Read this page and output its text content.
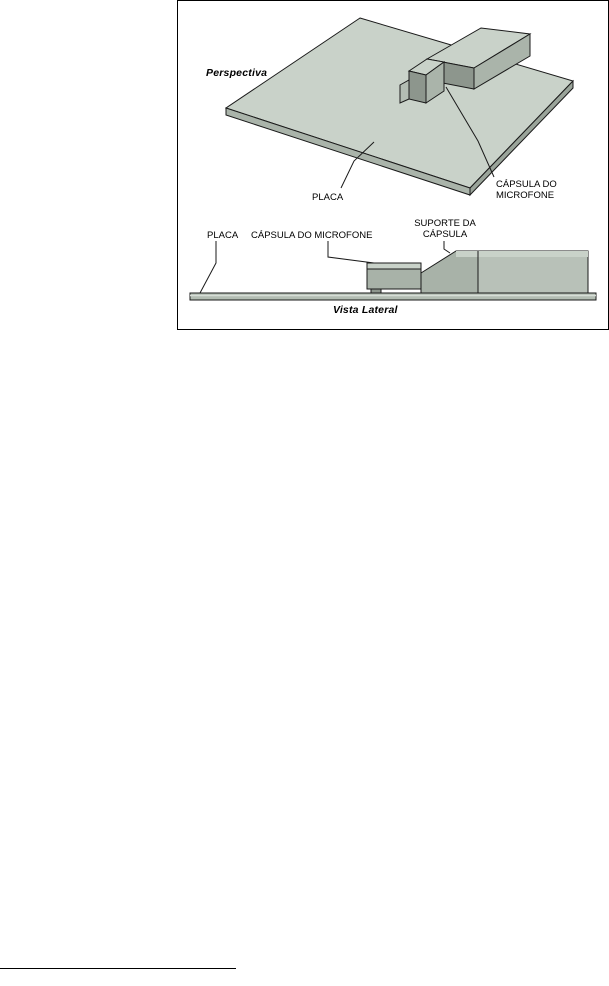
Perspectiva
PLACA
CÁPSULA DO
MICROFONE
PLACA CÁPSULA DO MICROFONE
SUPORTE DA
CÁPSULA
Vista Lateral
